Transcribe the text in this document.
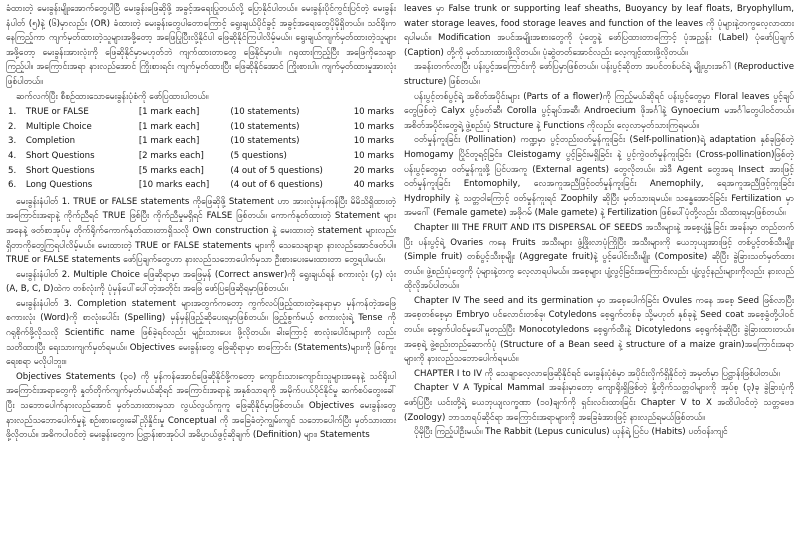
ခံထားတဲ့ မေးခွန်းမျိုးအောက်တွေပါပြီ မေးခွန်းဖြေဆိုဖို့ အခွင့်အရေးပြုတယ်လို့ ပြောနိုင်ပါတယ်။ မေးခွန်းပိုင်ကွင်းပြင်တဲ့ မေးခွန်းနံပါတ် (၅)နဲ့ (၆)မှာလည်း (OR) ခံထားတဲ့ မေးခွန်းတွေပါတောကြောင့် ရွေးချယ်ပိုင်ခွင့် အခွင့်အရေးတွေပိုမိုရှိတယ်။ သင်ရိုးကနေကြည့်ကာ ကျက်မှတ်ထားတဲ့သူများအဖို့တော့ အဖြေပြုပြီးလို့နိုင်ပါ ဖြေဆိုနိုင်ကြပါလိမ့်မယ်။ ရွေးချယ်ကျက်မှတ်ထားတဲ့သူများအဖို့တော့ မေးခွန်းအားလုံးကို ဖြေဆိုနိုင်မှာမဟုတ်ဘဲ ကျက်ထားတာတွေ ဖြေနိုင်မှာပါ။ ဂရုထားကြည့်ပြီး အဖြေကိုသေချာကြည့်ပါ။ အကြောင်းအရာ နားလည်အောင် ကြိုးစားရင်း ကျက်မှတ်ထားပြီး ဖြေဆိုနိုင်အောင် ကြိုးစားပါ။ ကျက်မှတ်ထားမှုအားလုံးဖြစ်ပါတယ်။

ဆက်လက်ပြီး စီစဉ်ထားသောမေးခွန်းပုံစံကို ဖော်ပြထားပါတယ်။

1.	TRUE or FALSE	[1 mark each]	(10 statements)	10 marks
2.	Multiple Choice	[1 mark each]	(10 statements)	10 marks
3.	Completion	[1 mark each]	(10 statements)	10 marks
4.	Short Questions	[2 marks each]	(5 questions)	10 marks
5.	Short Questions	[5 marks each]	(4 out of 5 questions)	20 marks
6.	Long Questions	[10 marks each]	(4 out of 6 questions)	40 marks

မေးခွန်းနံပါတ် 1. TRUE or FALSE statements ကိုဖြေဆိုဖို့ Statement ဟာ အားလုံးမှန်ကန်ပြီး မိမိသိရှိထားတဲ့အကြောင်းအရာနဲ့ ကိုက်ညီရင် TRUE ဖြစ်ပြီး ကိုက်ညီမှုမရှိရင် FALSE ဖြစ်တယ်။ ကောက်နုတ်ထားတဲ့ Statement များအနေနဲ့ ဖတ်စာအုပ်မှ တိုက်ရိုက်ကောက်နုတ်ထားတာရှိသလို Own construction နဲ့ မေးထားတဲ့ statement များလည်း ရှိတာကိုတွေ့ကြရပါလိမ့်မယ်။ မေးထားတဲ့ TRUE or FALSE statements များကို သေသေချာချာ နားလည်အောင်ဖတ်ပါ။ TRUE or FALSE statements ဖော်ပြချက်တွေဟာ နားလည်သဘောပေါက်မှသာ ဦးစားပေးမေးထားတာ တွေ့ရပါမယ်။

မေးခွန်းနံပါတ် 2. Multiple Choice ဖြေဆိုရာမှာ အဖြေမှန် (Correct answer)ကို ရွေးချယ်ရန် စကားလုံး (၄) လုံး (A, B, C, D)ထဲက တစ်လုံးကို ပုံမှန်ပေါ်ပေါ်တဲ့အတိုင်း အဖြေ ဖော်ပြဖြေဆိုရမှာဖြစ်တယ်။

မေးခွန်းနံပါတ် 3. Completion statement များအတွက်ကတော့ ကွက်လပ်ဖြည့်ထားတဲ့နေရာမှာ မှန်ကန်တဲ့အဖြေစကားလုံး (Word)ကို စာလုံးပေါင်း (Spelling) မှန်မှန်ဖြည့်ဆိုပေးရမှာဖြစ်တယ်။ ဖြည့်စွက်မယ့် စကားလုံးရဲ့ Tense ကိုဂရုစိုက်ဖို့လိုသလို Scientific name ဖြစ်ခဲ့ရင်လည်း မျဉ်းသားပေး ဖို့လိုတယ်။ ခါးကြောင့် စာလုံးပေါင်းများကို လည်း သတိထားပြီး ရေးသားကျက်မှတ်ရမယ်။ Objectives မေးခွန်းတွေ ဖြေဆိုရာမှာ စာကြောင်း (Statements)များကို ဖြစ်ကူးရေးစရာ မလိုပါဘူး။

Objectives Statements (၃၀) ကို မှန်ကန်အောင်ဖြေဆိုနိုင်ဖို့ကတော့ ကျောင်းသားကျောင်းသူများအနေနဲ့ သင်ရိုးပါ အကြောင်းအရာတွေကို နှုတ်တိုက်ကျက်မှတ်မယ်ဆိုရင် အကြောင်းအရာနဲ့ အနှစ်သာရကို အမိုက်ပယ်ပိုင်နိုင်မှု ဆက်စပ်တွေးခေါ်ပြီး သဘောပေါက်နားလည်အောင် မှတ်သားထားမှသာ လွယ်လွယ်ကူကူ ဖြေဆိုနိုင်မှာဖြစ်တယ်။ Objectives မေးခွန်းတွေ နားလည်သဘောပေါက်မှုနဲ့ စဉ်းစားတွေးခေါ်ညှိနှိုင်းမှု Conceptual ကို အခြေခံတဲ့ကျွမ်းကျင် သဘောပေါက်ပြီး မှတ်သားထားဖို့လိုတယ်။ အဓိကပါဝင်တဲ့ မေးခွန်းတွေက ပြဋ္ဌာန်းစာအုပ်ပါ အဓိပ္ပာယ်ဖွင့်ဆိုချက် (Definition) များ၊ Statements

leaves မှာ False trunk or supporting leaf sheaths, Buoyancy by leaf floats, Bryophyllum, water storage leaves, food storage leaves and function of the leaves ကို ပုံများနဲ့တကွလေ့လာထားရပါမယ်။ Modification အပင်အမျိုးအစားတွေကို ပုံတွေနဲ့ ဖော်ပြထားတာကြောင့် ပုံအညွှန်း (Label) ပုံဖော်ပြချက် (Caption) တို့ကို မှတ်သားထားဖို့လိုတယ်။ ပုံဆွဲတတ်အောင်လည်း လေ့ကျင့်ထားဖို့လိုတယ်။

အခန်းတက်လာပြီး ပန်းပွင့်အကြောင်းကို ဖော်ပြမှာဖြစ်တယ်။ ပန်းပွင့်ဆိုတာ အပင်တစ်ပင်ရဲ့ မျိုးပွားအဂ်ါ (Reproductive structure) ဖြစ်တယ်။

ပန်းပွင့်တစ်ပွင့်ရဲ့ အစိတ်အပိုင်းများ (Parts of a flower)ကို ကြည့်မယ်ဆိုရင် ပန်းပွင့်တွေမှာ Floral leaves ပွင့်ချပ်တွေဖြစ်တဲ့ Calyx ပွင့်ဖတ်ဆီ၊ Corolla ပွင့်ချပ်အဆီ၊ Androecium ဖိုအင်္ဂါနဲ့ Gynoecium မအင်္ဂါတွေပါဝင်တယ်။ အစိတ်အပိုင်းတွေရဲ့ ဖွဲ့စည်းပုံ Structure နဲ့ Functions ကိုလည်း လေ့လာမှတ်သားကြရမယ်။

ဝတ်မှုန်ကူးခြင်း (Pollination) ကဏ္ဍမှာ ပွင့်တည်းဝတ်မှုန်ကူးခြင်း (Self-pollination)ရဲ့ adaptation နှစ်ခုဖြစ်တဲ့ Homogamy ပြိုင်တူရင့်ခြင်း၊ Cleistogamy ပွင့်ခြင်းမရှိခြင်း နဲ့ ပွင့်ကွဲဝတ်မှုန်ကူးခြင်း (Cross-pollination)ဖြစ်တဲ့ ပန်းပွင့်တွေမှာ ဝတ်မှုန်ကူးဖို့ ပြင်ပအကူ (External agents) တွေလိုတယ်။ အဲဒီ Agent တွေအရ Insect အားဖြင့် ဝတ်မှုန်ကူးခြင်း Entomophily, လေအကူအညီဖြင့်ဝတ်မှုန်ကူးခြင်း Anemophily, ရေအကူအညီဖြင့်ကူးခြင်း Hydrophily နဲ့ သတ္တဝါကြောင့် ဝတ်မှုန်ကူးရင် Zoophily ဆိုပြီး မှတ်သားရမယ်။ သန္ဓေအောင်ခြင်း Fertilization မှာ အမဂေါ် (Female gamete) အဖိုဂမ် (Male gamete) နဲ့ Fertilization ဖြစ်ပေါ်ပုံတို့လည်း သိထားရမှာဖြစ်တယ်။

Chapter III THE FRUIT AND ITS DISPERSAL OF SEEDS အသီးများနဲ့ အစေ့ပျံ့နှံ့ခြင်း အခန်းမှာ တည်တက်ပြီး ပန်းပွင့်ရဲ့ Ovaries ကနေ Fruits အသီးများ ဖွံ့ဖြိုးလာပုံကြိုပြီး အသီးများကို ယေဘုယျအားဖြင့် တစ်ပွင့်တစ်သီးမျိုး (Simple fruit) တစ်ပွင့်သီးစုမျိုး (Aggregate fruit)နဲ့ ပွင့်ပေါင်းသီးမျိုး (Composite) ဆိုပြီး ခွဲခြားသတ်မှတ်ထားတယ်။ ဖွဲ့စည်းပုံတွေကို ပုံများနဲ့တကွ လေ့လာရပါမယ်။ အစေ့များ ပျံ့လွင့်ခြင်းအကြောင်းလည်း ပျံ့လွင့်နည်းများကိုလည်း နားလည်ထိုလိုအပ်ပါတယ်။

Chapter IV The seed and its germination မှာ အစေ့ပေါက်ခြင်း Ovules ကနေ အစေ့ Seed ဖြစ်လာပြီး အစေ့တစ်စေ့မှာ Embryo ပင်လောင်းတစ်ခု၊ Cotyledons စေ့ရွက်တစ်ခု သို့မဟုတ် နှစ်ခုနဲ့ Seed coat အစေ့ခွံတို့ပါဝင်တယ်။ စေ့ရွက်ပါဝင်မှုပေါ်မူတည်ပြီး Monocotyledons စေ့ရွက်ထီးနဲ့ Dicotyledons စေ့ရွက်စုံဆိုပြီး ခွဲခြားထားတယ်။ အစေ့ရဲ့ ဖွဲ့စည်းတည်ဆောက်ပုံ (Structure of a Bean seed နဲ့ structure of a maize grain)အကြောင်းအရာများကို နားလည်သဘောပေါက်ရမယ်။

CHAPTER I to IV ကို သေချာလေ့လာဖြေဆိုနိုင်ရင် မေးခွန်းပုံစံမှာ အပိုင်းလိုက်ရှိနိုင်တဲ့ အမှတ်မှာ ပြဋ္ဌာန်းဖြစ်ပါတယ်။

Chapter V A Typical Mammal အခန်းမှာတော့ ကျောရိုးရှိဖြစ်တဲ့ နို့တိုက်သတ္တဝါများကို အုပ်စု (၃)ခု ခွဲခြားပုံကိုဖော်ပြပြီး ယင်းတို့ရဲ့ ယေဘုယျလက္ခဏာ (၁၀)ချက်ကို ရှင်းလင်းထားခြင်း Chapter V to X အထိပါဝင်တဲ့ သတ္တဗေဒ (Zoology) ဘာသာရပ်ဆိုင်ရာ အကြောင်းအရာများကို အခြေခံအားဖြင့် နားလည်ရမယ်ဖြစ်တယ်။

ပိုမိုပြီး ကြည့်ပါဦးမယ်။ The Rabbit (Lepus cuniculus) ယုန်ရဲ့ ပြင်ပ (Habits) ပတ်ဝန်းကျင်
